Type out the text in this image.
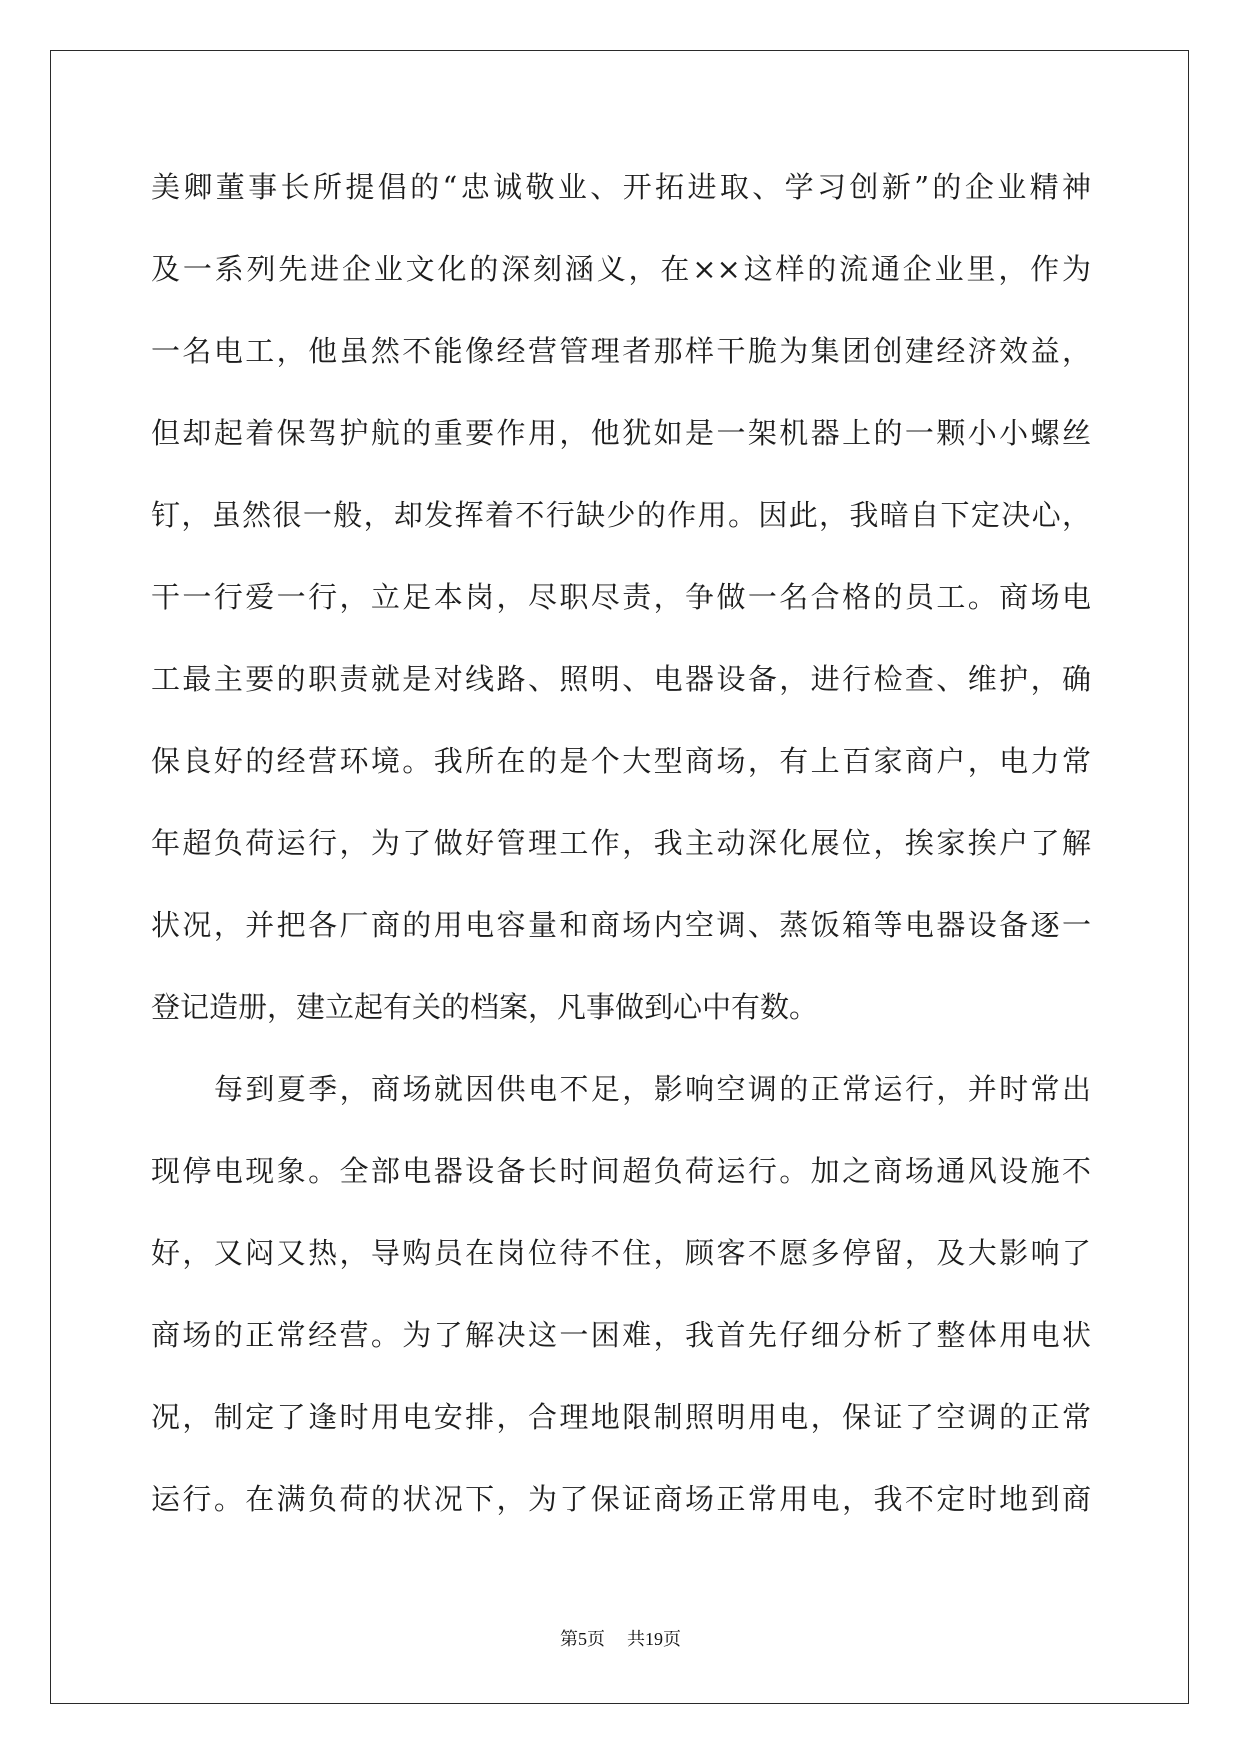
美卿董事长所提倡的“忠诚敬业、开拓进取、学习创新”的企业精神
及一系列先进企业文化的深刻涵义，在××这样的流通企业里，作为
一名电工，他虽然不能像经营管理者那样干脆为集团创建经济效益，
但却起着保驾护航的重要作用，他犹如是一架机器上的一颗小小螺丝
钉，虽然很一般，却发挥着不行缺少的作用。因此，我暗自下定决心，
干一行爱一行，立足本岗，尽职尽责，争做一名合格的员工。商场电
工最主要的职责就是对线路、照明、电器设备，进行检查、维护，确
保良好的经营环境。我所在的是个大型商场，有上百家商户，电力常
年超负荷运行，为了做好管理工作，我主动深化展位，挨家挨户了解
状况，并把各厂商的用电容量和商场内空调、蒸饭箱等电器设备逐一
登记造册，建立起有关的档案，凡事做到心中有数。
每到夏季，商场就因供电不足，影响空调的正常运行，并时常出
现停电现象。全部电器设备长时间超负荷运行。加之商场通风设施不
好，又闷又热，导购员在岗位待不住，顾客不愿多停留，及大影响了
商场的正常经营。为了解决这一困难，我首先仔细分析了整体用电状
况，制定了逢时用电安排，合理地限制照明用电，保证了空调的正常
运行。在满负荷的状况下，为了保证商场正常用电，我不定时地到商
第5页 共19页
